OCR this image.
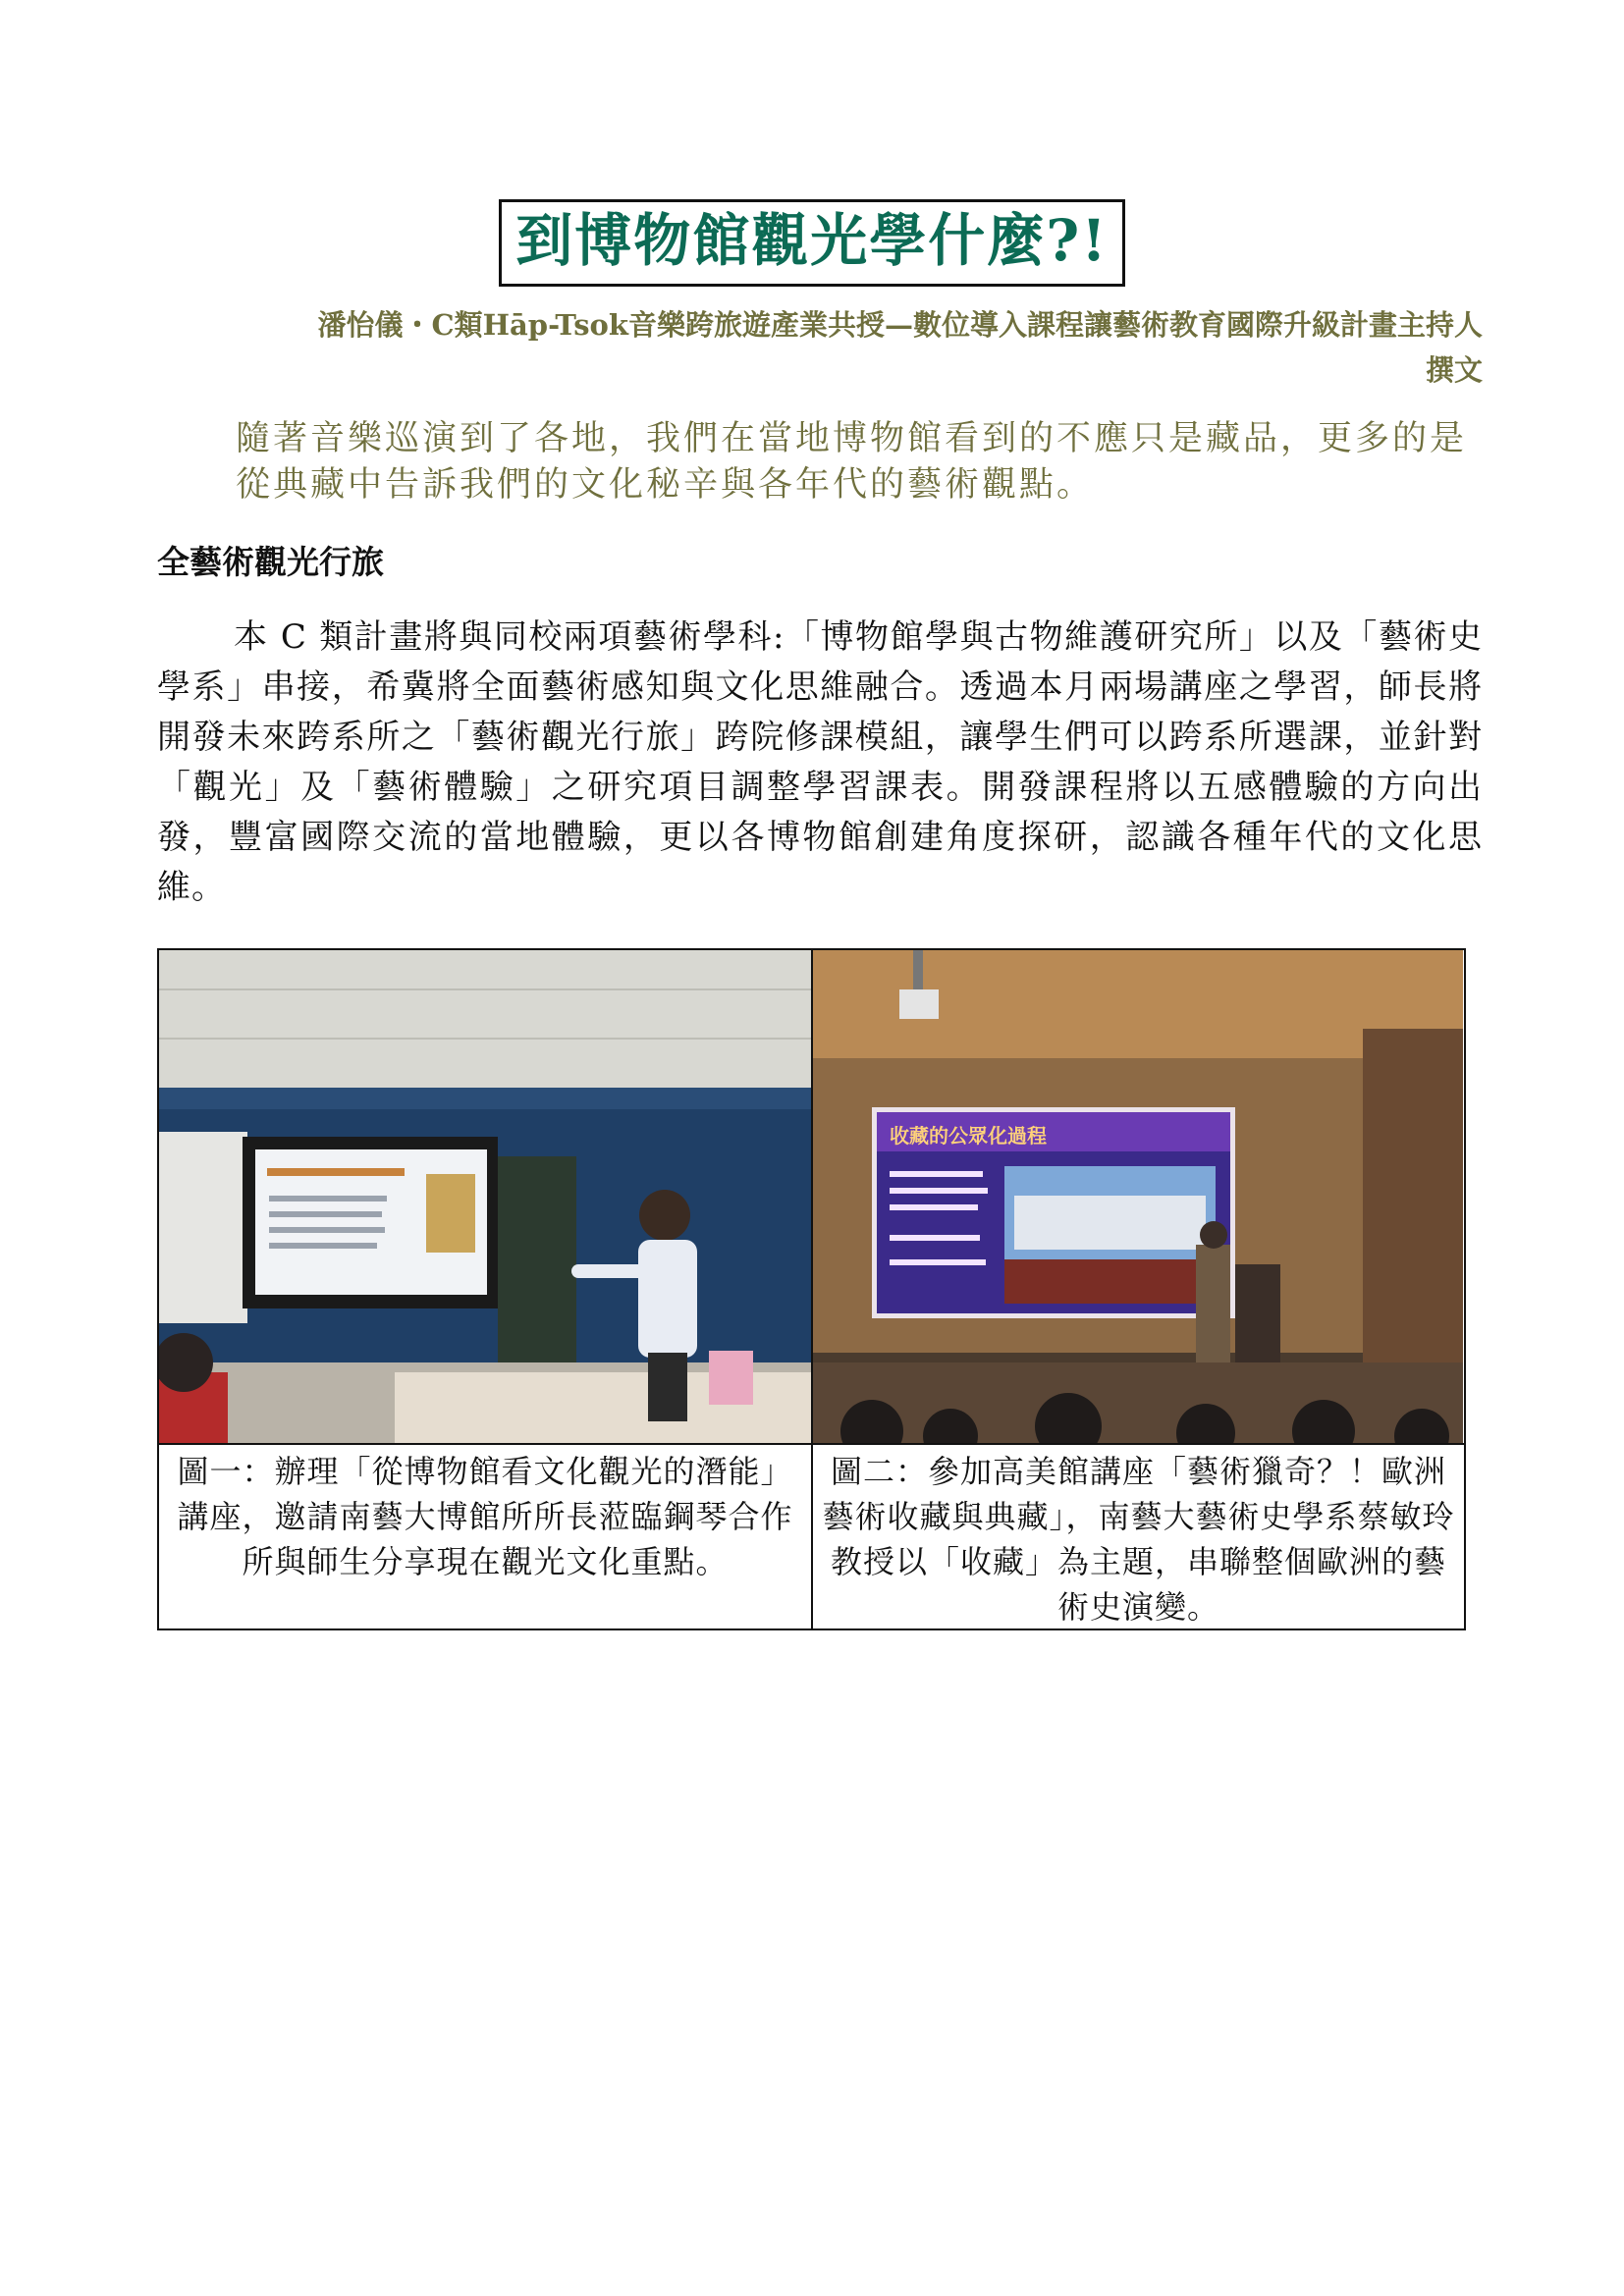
到博物館觀光學什麼?!
潘怡儀・C類Hāp-Tsok音樂跨旅遊產業共授—數位導入課程讓藝術教育國際升級計畫主持人
撰文
隨著音樂巡演到了各地，我們在當地博物館看到的不應只是藏品，更多的是從典藏中告訴我們的文化秘辛與各年代的藝術觀點。
全藝術觀光行旅
本 C 類計畫將與同校兩項藝術學科:「博物館學與古物維護研究所」以及「藝術史學系」串接，希冀將全面藝術感知與文化思維融合。透過本月兩場講座之學習，師長將開發未來跨系所之「藝術觀光行旅」跨院修課模組，讓學生們可以跨系所選課，並針對「觀光」及「藝術體驗」之研究項目調整學習課表。開發課程將以五感體驗的方向出發，豐富國際交流的當地體驗，更以各博物館創建角度探研，認識各種年代的文化思維。
收藏的公眾化過程
圖一：辦理「從博物館看文化觀光的潛能」講座，邀請南藝大博館所所長蒞臨鋼琴合作所與師生分享現在觀光文化重點。
圖二：參加高美館講座「藝術獵奇？！歐洲藝術收藏與典藏」，南藝大藝術史學系蔡敏玲教授以「收藏」為主題，串聯整個歐洲的藝術史演變。
